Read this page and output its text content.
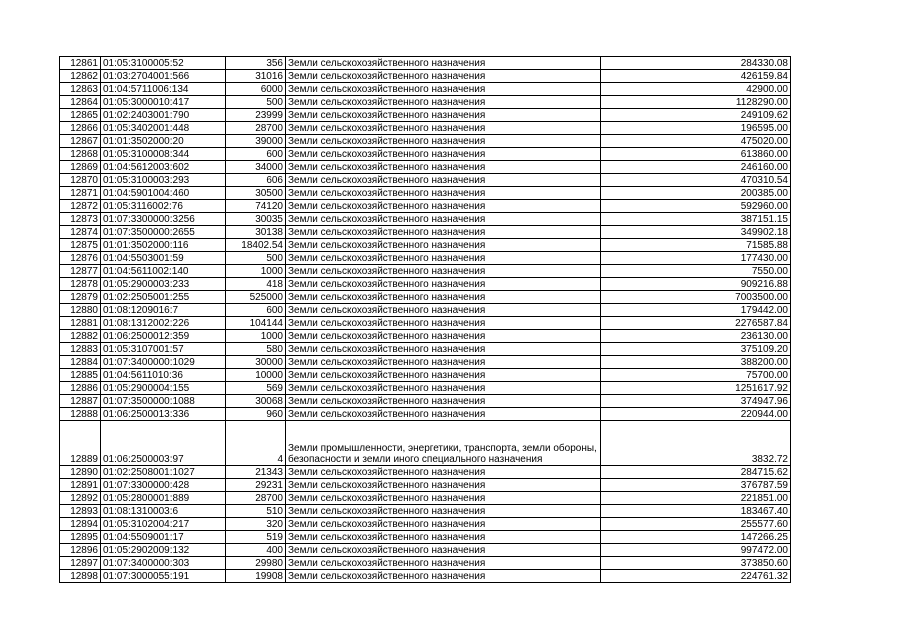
12861	01:05:3100005:52	356	Земли сельскохозяйственного назначения	284330.08
12862	01:03:2704001:566	31016	Земли сельскохозяйственного назначения	426159.84
12863	01:04:5711006:134	6000	Земли сельскохозяйственного назначения	42900.00
12864	01:05:3000010:417	500	Земли сельскохозяйственного назначения	1128290.00
12865	01:02:2403001:790	23999	Земли сельскохозяйственного назначения	249109.62
12866	01:05:3402001:448	28700	Земли сельскохозяйственного назначения	196595.00
12867	01:01:3502000:20	39000	Земли сельскохозяйственного назначения	475020.00
12868	01:05:3100008:344	600	Земли сельскохозяйственного назначения	613860.00
12869	01:04:5612003:602	34000	Земли сельскохозяйственного назначения	246160.00
12870	01:05:3100003:293	606	Земли сельскохозяйственного назначения	470310.54
12871	01:04:5901004:460	30500	Земли сельскохозяйственного назначения	200385.00
12872	01:05:3116002:76	74120	Земли сельскохозяйственного назначения	592960.00
12873	01:07:3300000:3256	30035	Земли сельскохозяйственного назначения	387151.15
12874	01:07:3500000:2655	30138	Земли сельскохозяйственного назначения	349902.18
12875	01:01:3502000:116	18402.54	Земли сельскохозяйственного назначения	71585.88
12876	01:04:5503001:59	500	Земли сельскохозяйственного назначения	177430.00
12877	01:04:5611002:140	1000	Земли сельскохозяйственного назначения	7550.00
12878	01:05:2900003:233	418	Земли сельскохозяйственного назначения	909216.88
12879	01:02:2505001:255	525000	Земли сельскохозяйственного назначения	7003500.00
12880	01:08:1209016:7	600	Земли сельскохозяйственного назначения	179442.00
12881	01:08:1312002:226	104144	Земли сельскохозяйственного назначения	2276587.84
12882	01:06:2500012:359	1000	Земли сельскохозяйственного назначения	236130.00
12883	01:05:3107001:57	580	Земли сельскохозяйственного назначения	375109.20
12884	01:07:3400000:1029	30000	Земли сельскохозяйственного назначения	388200.00
12885	01:04:5611010:36	10000	Земли сельскохозяйственного назначения	75700.00
12886	01:05:2900004:155	569	Земли сельскохозяйственного назначения	1251617.92
12887	01:07:3500000:1088	30068	Земли сельскохозяйственного назначения	374947.96
12888	01:06:2500013:336	960	Земли сельскохозяйственного назначения	220944.00
12889	01:06:2500003:97	4	Земли промышленности, энергетики, транспорта, земли обороны, безопасности и земли иного специального назначения	3832.72
12890	01:02:2508001:1027	21343	Земли сельскохозяйственного назначения	284715.62
12891	01:07:3300000:428	29231	Земли сельскохозяйственного назначения	376787.59
12892	01:05:2800001:889	28700	Земли сельскохозяйственного назначения	221851.00
12893	01:08:1310003:6	510	Земли сельскохозяйственного назначения	183467.40
12894	01:05:3102004:217	320	Земли сельскохозяйственного назначения	255577.60
12895	01:04:5509001:17	519	Земли сельскохозяйственного назначения	147266.25
12896	01:05:2902009:132	400	Земли сельскохозяйственного назначения	997472.00
12897	01:07:3400000:303	29980	Земли сельскохозяйственного назначения	373850.60
12898	01:07:3000055:191	19908	Земли сельскохозяйственного назначения	224761.32
